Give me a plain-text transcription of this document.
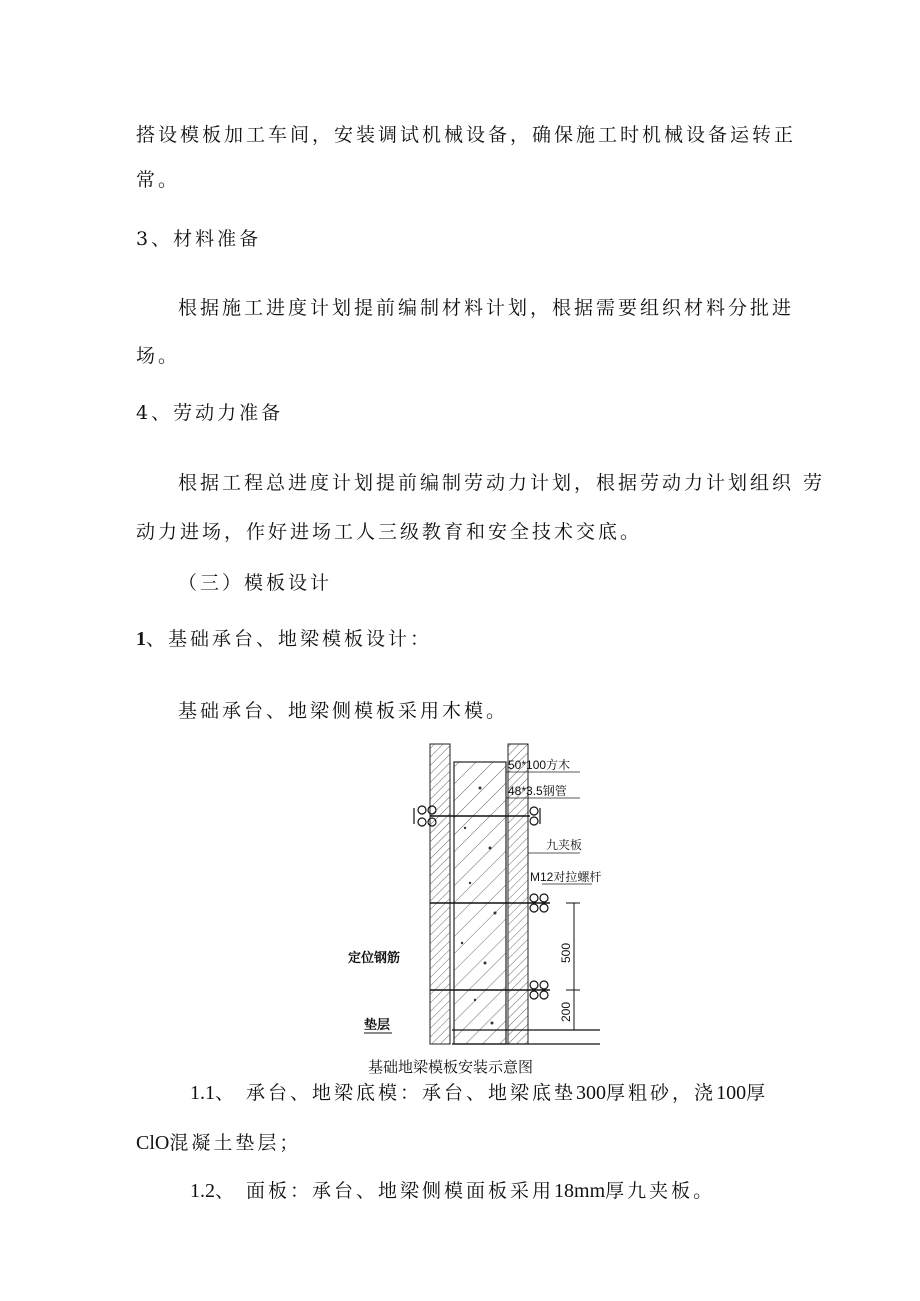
搭设模板加工车间，安装调试机械设备，确保施工时机械设备运转正
常。
3、材料准备
根据施工进度计划提前编制材料计划，根据需要组织材料分批进
场。
4、劳动力准备
根据工程总进度计划提前编制劳动力计划，根据劳动力计划组织 劳
动力进场，作好进场工人三级教育和安全技术交底。
（三）模板设计
1、基础承台、地梁模板设计：
基础承台、地梁侧模板采用木模。
50*100方木
48*3.5钢管
九夹板
M12对拉螺杆
500
200
定位钢筋
垫层
基础地梁模板安装示意图
1.1、 承台、地梁底模：承台、地梁底垫300厚粗砂，浇100厚
ClO混凝土垫层；
1.2、 面板：承台、地梁侧模面板采用18mm厚九夹板。
